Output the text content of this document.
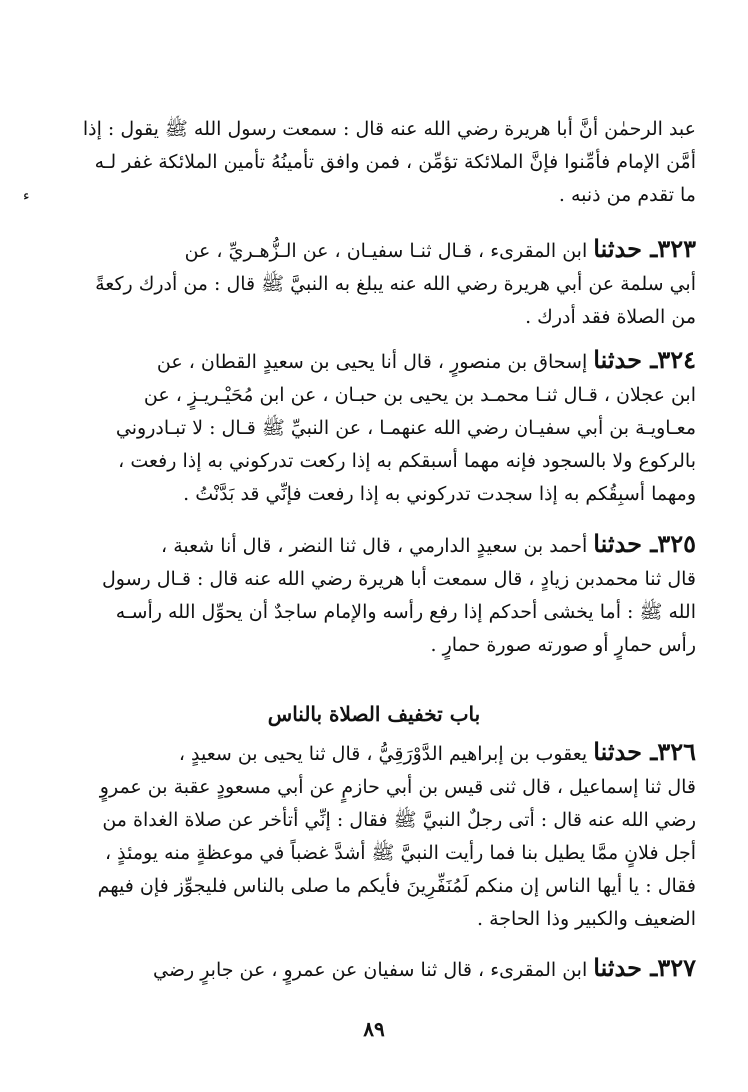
ء
عبد الرحمٰن أنَّ أبا هريرة رضي الله عنه قال : سمعت رسول الله ﷺ يقول : إذا
أمَّن الإمام فأمِّنوا فإنَّ الملائكة تؤمِّن ، فمن وافق تأمينُهُ تأمين الملائكة غفر لـه
ما تقدم من ذنبه .
٣٢٣ـ حدثنا ابن المقرىء ، قـال ثنـا سفيـان ، عن الـزُّهـريِّ ، عن
أبي سلمة عن أبي هريرة رضي الله عنه يبلغ به النبيَّ ﷺ قال : من أدرك ركعةً
من الصلاة فقد أدرك .
٣٢٤ـ حدثنا إسحاق بن منصورٍ ، قال أنا يحيى بن سعيدٍ القطان ، عن
ابن عجلان ، قـال ثنـا محمـد بن يحيى بن حبـان ، عن ابن مُحَيْـريـزٍ ، عن
معـاويـة بن أبي سفيـان رضي الله عنهمـا ، عن النبيِّ ﷺ قـال : لا تبـادروني
بالركوع ولا بالسجود فإنه مهما أسبقكم به إذا ركعت تدركوني به إذا رفعت ،
ومهما أسبِقُكم به إذا سجدت تدركوني به إذا رفعت فإنِّي قد بَدَّنْتُ .
٣٢٥ـ حدثنا أحمد بن سعيدٍ الدارمي ، قال ثنا النضر ، قال أنا شعبة ،
قال ثنا محمدبن زيادٍ ، قال سمعت أبا هريرة رضي الله عنه قال : قـال رسول
الله ﷺ : أما يخشى أحدكم إذا رفع رأسه والإمام ساجدٌ أن يحوِّل الله رأسـه
رأس حمارٍ أو صورته صورة حمارٍ .
باب تخفيف الصلاة بالناس
٣٢٦ـ حدثنا يعقوب بن إبراهيم الدَّوْرَقِيُّ ، قال ثنا يحيى بن سعيدٍ ،
قال ثنا إسماعيل ، قال ثنى قيس بن أبي حازمٍ عن أبي مسعودٍ عقبة بن عمروٍ
رضي الله عنه قال : أتى رجلٌ النبيَّ ﷺ فقال : إنِّي أتأخر عن صلاة الغداة من
أجل فلانٍ ممَّا يطيل بنا فما رأيت النبيَّ ﷺ أشدَّ غضباً في موعظةٍ منه يومئذٍ ،
فقال : يا أيها الناس إن منكم لَمُنَفِّرِينَ فأيكم ما صلى بالناس فليجوِّز فإن فيهم
الضعيف والكبير وذا الحاجة .
٣٢٧ـ حدثنا ابن المقرىء ، قال ثنا سفيان عن عمروٍ ، عن جابرٍ رضي
٨٩
